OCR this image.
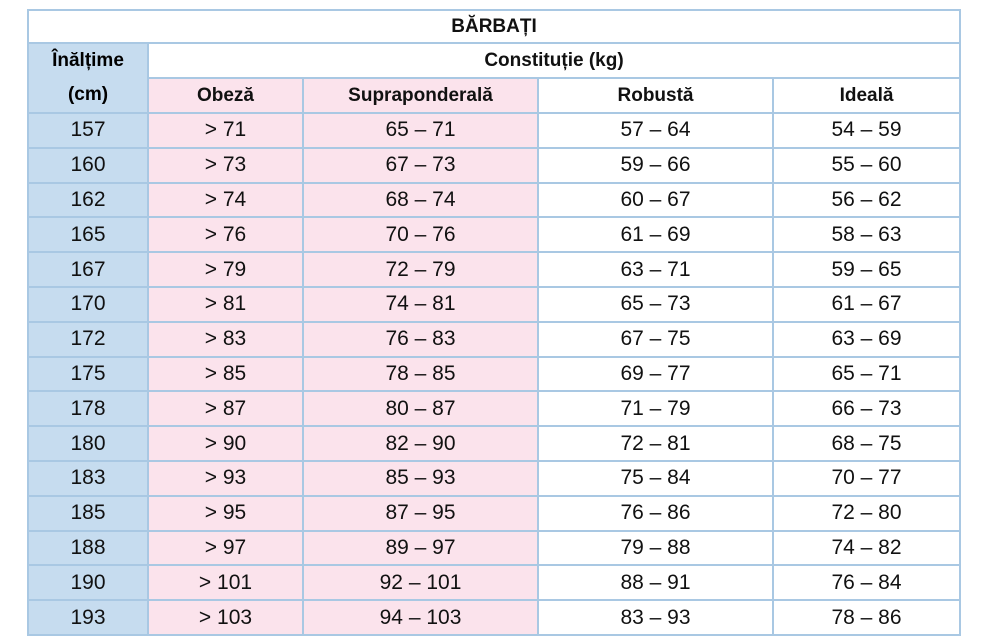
BĂRBAȚI				
Înălțime
(cm)	Constituție (kg)			
	Obeză	Supraponderală	Robustă	Ideală
157	> 71	65 – 71	57 – 64	54 – 59
160	> 73	67 – 73	59 – 66	55 – 60
162	> 74	68 – 74	60 – 67	56 – 62
165	> 76	70 – 76	61 – 69	58 – 63
167	> 79	72 – 79	63 – 71	59 – 65
170	> 81	74 – 81	65 – 73	61 – 67
172	> 83	76 – 83	67 – 75	63 – 69
175	> 85	78 – 85	69 – 77	65 – 71
178	> 87	80 – 87	71 – 79	66 – 73
180	> 90	82 – 90	72 – 81	68 – 75
183	> 93	85 – 93	75 – 84	70 – 77
185	> 95	87 – 95	76 – 86	72 – 80
188	> 97	89 – 97	79 – 88	74 – 82
190	> 101	92 – 101	88 – 91	76 – 84
193	> 103	94 – 103	83 – 93	78 – 86
